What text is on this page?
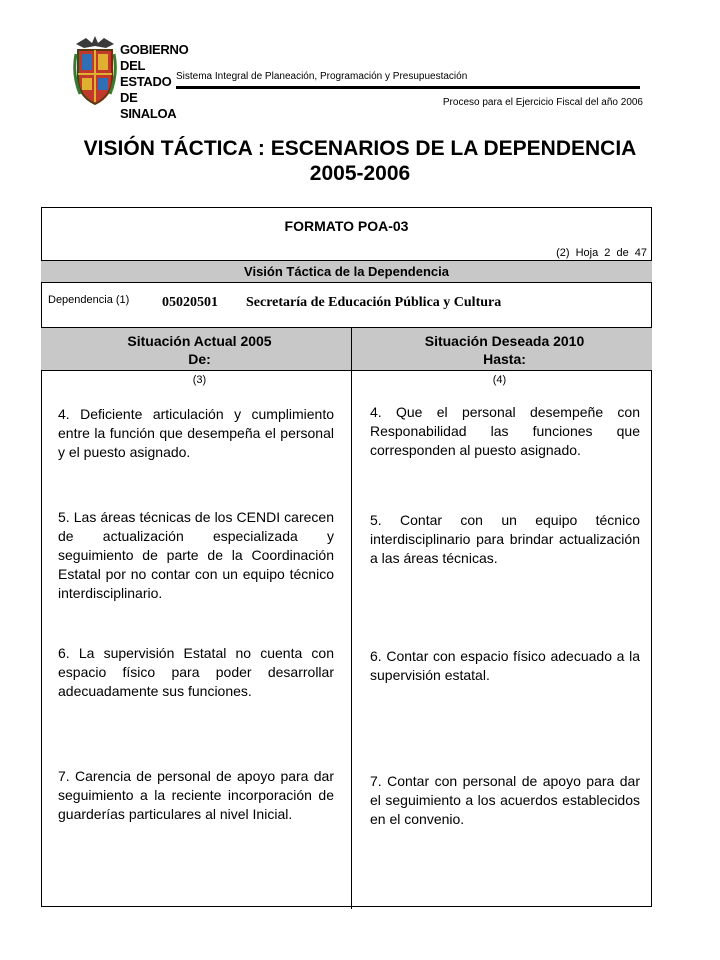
GOBIERNO
DEL ESTADO
DE SINALOA
Sistema Integral de Planeación, Programación y Presupuestación
Proceso para el Ejercicio Fiscal del año 2006
VISIÓN TÁCTICA : ESCENARIOS DE LA DEPENDENCIA
2005-2006
FORMATO POA-03
(2) Hoja 2 de 47
Visión Táctica de la Dependencia
Dependencia (1) 05020501 Secretaría de Educación Pública y Cultura
Situación Actual 2005
De:
Situación Deseada 2010
Hasta:
(3)	(4)
4. Deficiente articulación y cumplimiento entre la función que desempeña el personal y el puesto asignado.
5. Las áreas técnicas de los CENDI carecen de actualización especializada y seguimiento de parte de la Coordinación Estatal por no contar con un equipo técnico interdisciplinario.
6. La supervisión Estatal no cuenta con espacio físico para poder desarrollar adecuadamente sus funciones.
7. Carencia de personal de apoyo para dar seguimiento a la reciente incorporación de guarderías particulares al nivel Inicial.
4. Que el personal desempeñe con Responabilidad las funciones que corresponden al puesto asignado.
5. Contar con un equipo técnico interdisciplinario para brindar actualización a las áreas técnicas.
6. Contar con espacio físico adecuado a la supervisión estatal.
7. Contar con personal de apoyo para dar el seguimiento a los acuerdos establecidos en el convenio.
